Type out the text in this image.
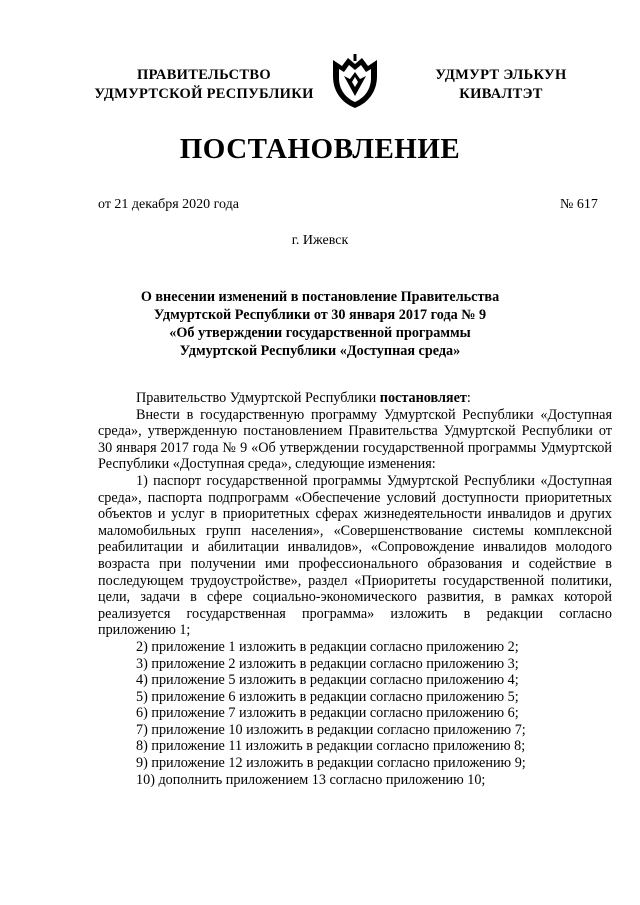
ПРАВИТЕЛЬСТВО
УДМУРТСКОЙ РЕСПУБЛИКИ
УДМУРТ ЭЛЬКУН
КИВАЛТЭТ
ПОСТАНОВЛЕНИЕ
от 21 декабря 2020 года	№ 617
г. Ижевск
О внесении изменений в постановление Правительства
Удмуртской Республики от 30 января 2017 года № 9
«Об утверждении государственной программы
Удмуртской Республики «Доступная среда»

Правительство Удмуртской Республики постановляет:

Внести в государственную программу Удмуртской Республики «Доступная среда», утвержденную постановлением Правительства Удмуртской Республики от 30 января 2017 года № 9 «Об утверждении государственной программы Удмуртской Республики «Доступная среда», следующие изменения:

1) паспорт государственной программы Удмуртской Республики «Доступная среда», паспорта подпрограмм «Обеспечение условий доступности приоритетных объектов и услуг в приоритетных сферах жизнедеятельности инвалидов и других маломобильных групп населения», «Совершенствование системы комплексной реабилитации и абилитации инвалидов», «Сопровождение инвалидов молодого возраста при получении ими профессионального образования и содействие в последующем трудоустройстве», раздел «Приоритеты государственной политики, цели, задачи в сфере социально-экономического развития, в рамках которой реализуется государственная программа» изложить в редакции согласно приложению 1;

2) приложение 1 изложить в редакции согласно приложению 2;

3) приложение 2 изложить в редакции согласно приложению 3;

4) приложение 5 изложить в редакции согласно приложению 4;

5) приложение 6 изложить в редакции согласно приложению 5;

6) приложение 7 изложить в редакции согласно приложению 6;

7) приложение 10 изложить в редакции согласно приложению 7;

8) приложение 11 изложить в редакции согласно приложению 8;

9) приложение 12 изложить в редакции согласно приложению 9;

10) дополнить приложением 13 согласно приложению 10;
